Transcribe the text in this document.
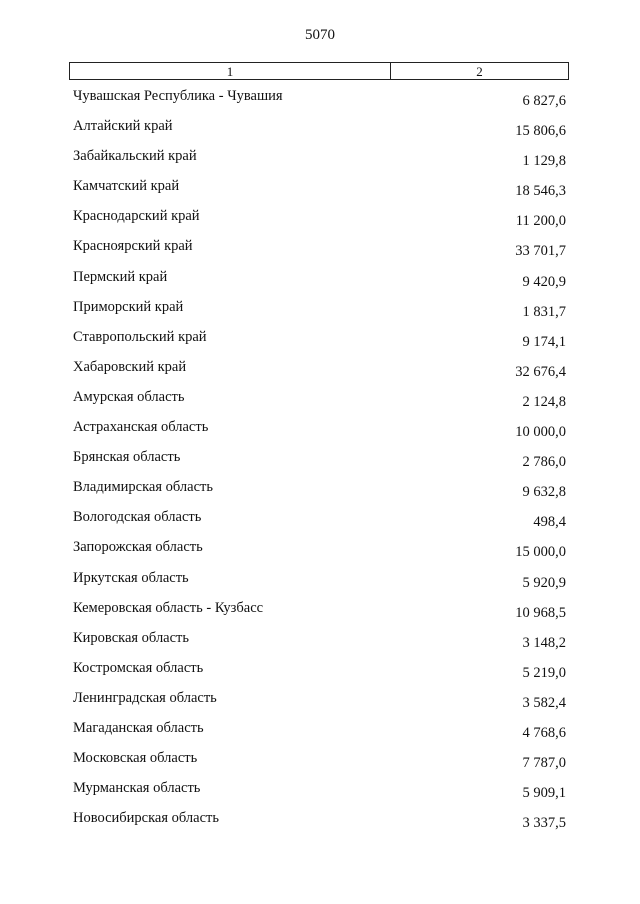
5070
1	2
Чувашская Республика - Чувашия	6 827,6
Алтайский край	15 806,6
Забайкальский край	1 129,8
Камчатский край	18 546,3
Краснодарский край	11 200,0
Красноярский край	33 701,7
Пермский край	9 420,9
Приморский край	1 831,7
Ставропольский край	9 174,1
Хабаровский край	32 676,4
Амурская область	2 124,8
Астраханская область	10 000,0
Брянская область	2 786,0
Владимирская область	9 632,8
Вологодская область	498,4
Запорожская область	15 000,0
Иркутская область	5 920,9
Кемеровская область - Кузбасс	10 968,5
Кировская область	3 148,2
Костромская область	5 219,0
Ленинградская область	3 582,4
Магаданская область	4 768,6
Московская область	7 787,0
Мурманская область	5 909,1
Новосибирская область	3 337,5
